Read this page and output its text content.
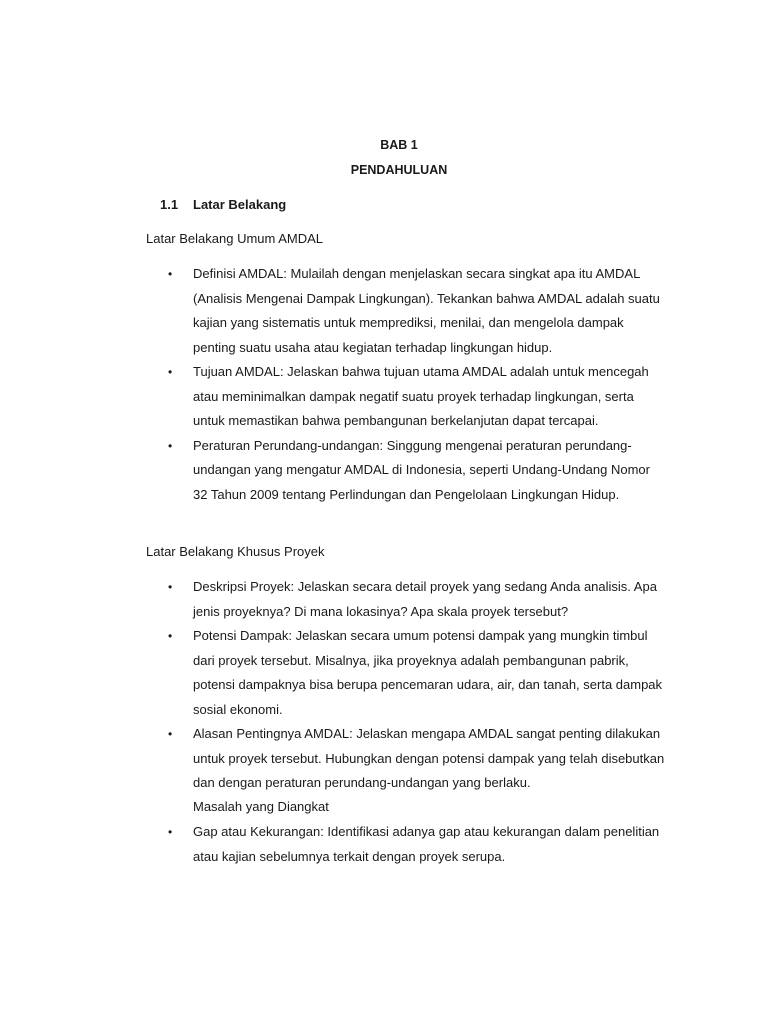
BAB 1
PENDAHULUAN
1.1 Latar Belakang
Latar Belakang Umum AMDAL
• Definisi AMDAL: Mulailah dengan menjelaskan secara singkat apa itu AMDAL (Analisis Mengenai Dampak Lingkungan). Tekankan bahwa AMDAL adalah suatu kajian yang sistematis untuk memprediksi, menilai, dan mengelola dampak penting suatu usaha atau kegiatan terhadap lingkungan hidup.
• Tujuan AMDAL: Jelaskan bahwa tujuan utama AMDAL adalah untuk mencegah atau meminimalkan dampak negatif suatu proyek terhadap lingkungan, serta untuk memastikan bahwa pembangunan berkelanjutan dapat tercapai.
• Peraturan Perundang-undangan: Singgung mengenai peraturan perundang-undangan yang mengatur AMDAL di Indonesia, seperti Undang-Undang Nomor 32 Tahun 2009 tentang Perlindungan dan Pengelolaan Lingkungan Hidup.
Latar Belakang Khusus Proyek
• Deskripsi Proyek: Jelaskan secara detail proyek yang sedang Anda analisis. Apa jenis proyeknya? Di mana lokasinya? Apa skala proyek tersebut?
• Potensi Dampak: Jelaskan secara umum potensi dampak yang mungkin timbul dari proyek tersebut. Misalnya, jika proyeknya adalah pembangunan pabrik, potensi dampaknya bisa berupa pencemaran udara, air, dan tanah, serta dampak sosial ekonomi.
• Alasan Pentingnya AMDAL: Jelaskan mengapa AMDAL sangat penting dilakukan untuk proyek tersebut. Hubungkan dengan potensi dampak yang telah disebutkan dan dengan peraturan perundang-undangan yang berlaku.
Masalah yang Diangkat
• Gap atau Kekurangan: Identifikasi adanya gap atau kekurangan dalam penelitian atau kajian sebelumnya terkait dengan proyek serupa.
